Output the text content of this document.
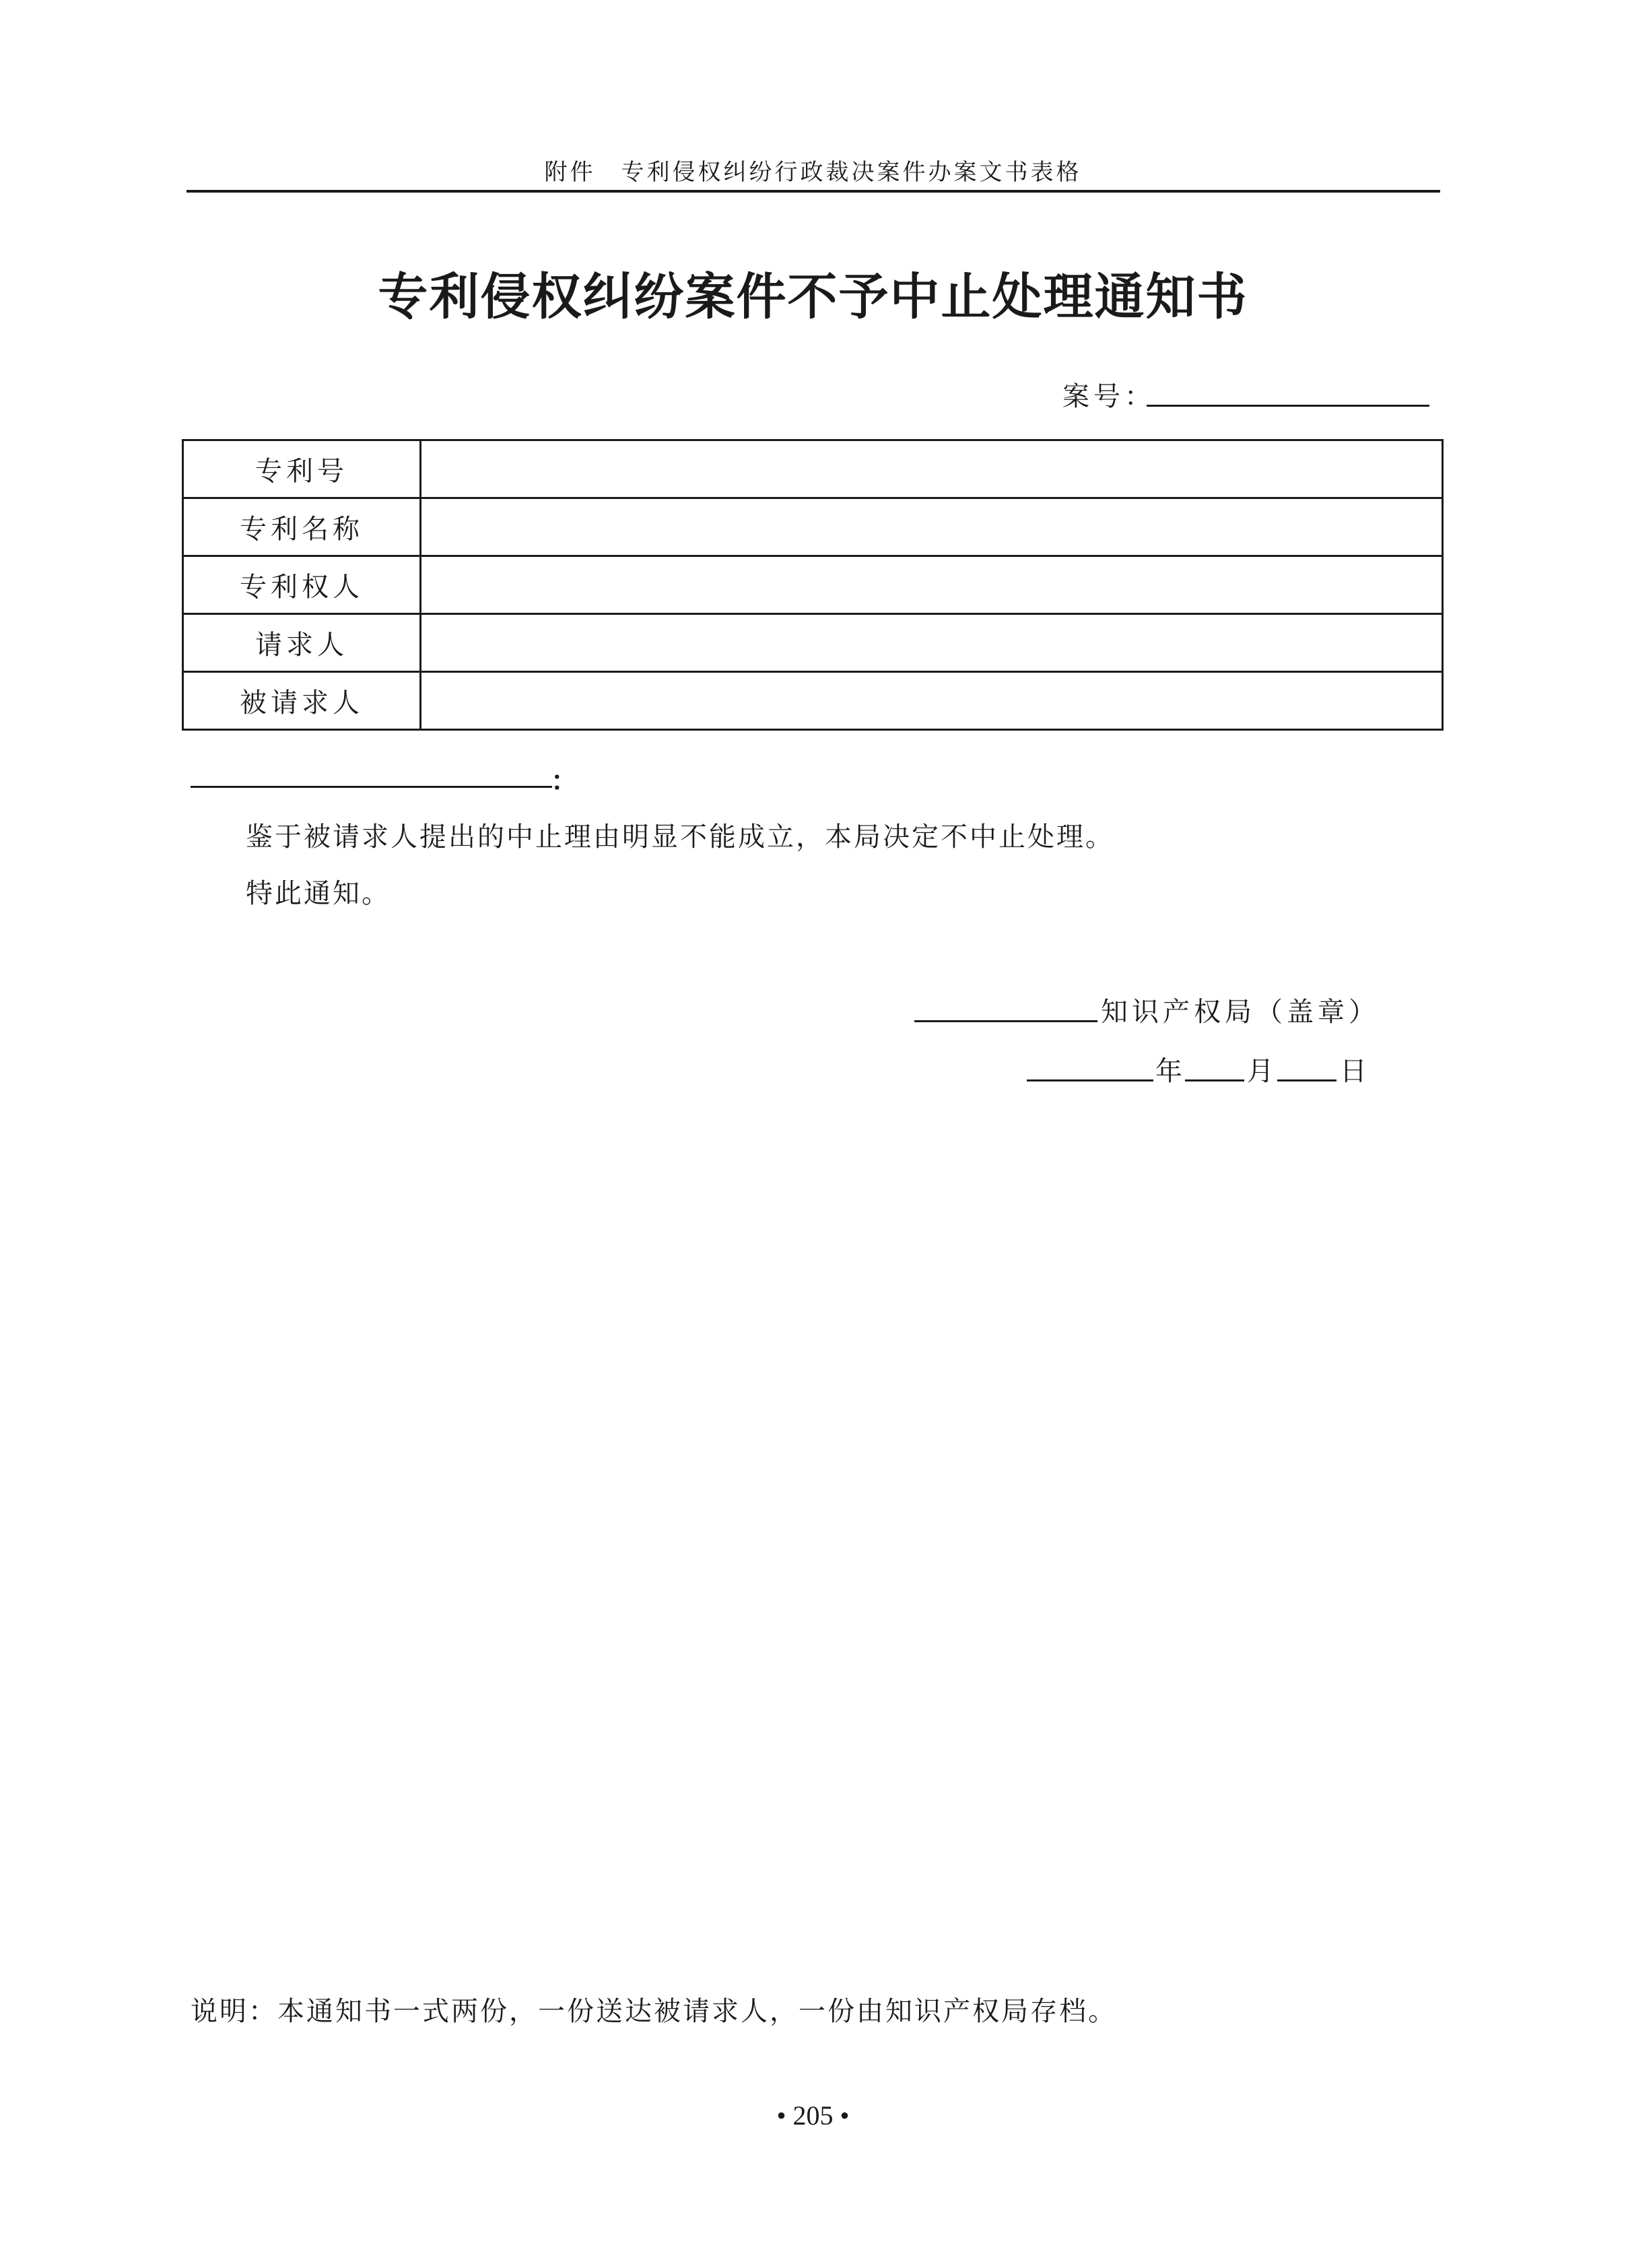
附件　专利侵权纠纷行政裁决案件办案文书表格
专利侵权纠纷案件不予中止处理通知书
案号：
专利号	
专利名称	
专利权人	
请求人	
被请求人	
：
鉴于被请求人提出的中止理由明显不能成立，本局决定不中止处理。
特此通知。
知识产权局（盖章）
年 月 日
说明：本通知书一式两份，一份送达被请求人，一份由知识产权局存档。
• 205 •
